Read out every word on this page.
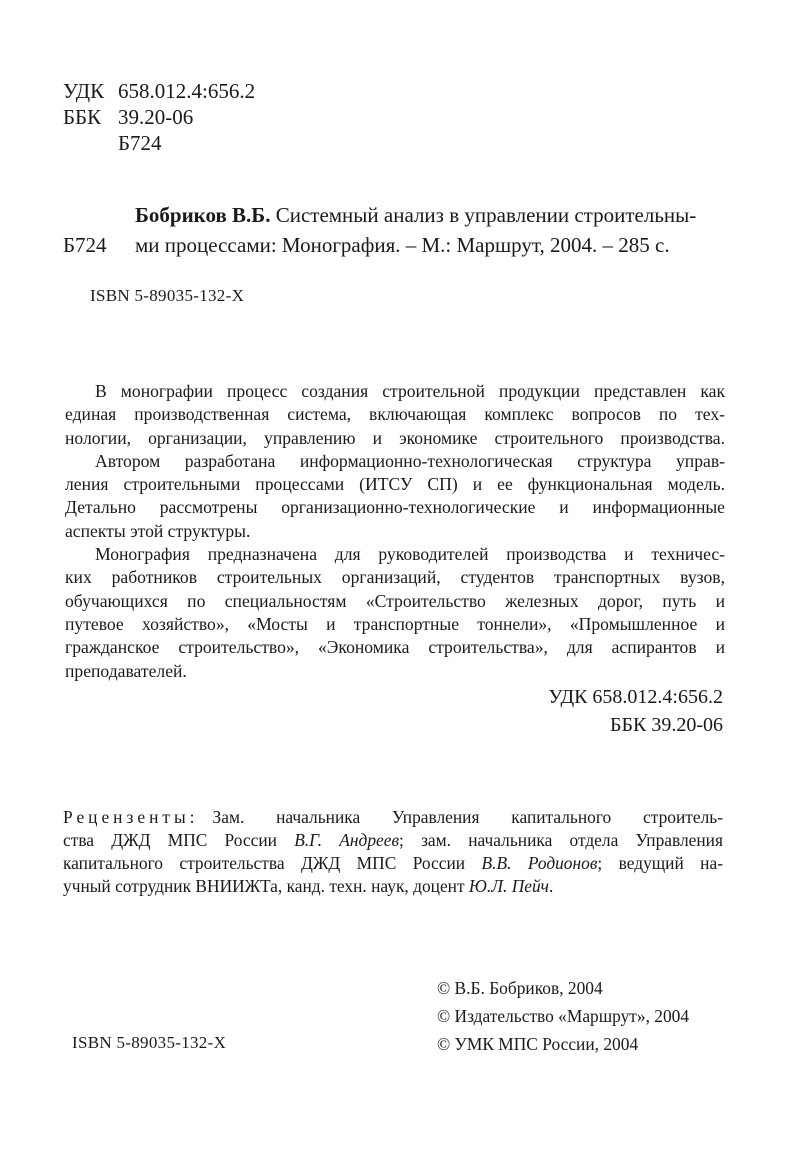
УДК 658.012.4:656.2
ББК 39.20-06
Б724
Бобриков В.Б. Системный анализ в управлении строительны-
Б724 ми процессами: Монография. – М.: Маршрут, 2004. – 285 с.
ISBN 5-89035-132-X

В монографии процесс создания строительной продукции представлен как
единая производственная система, включающая комплекс вопросов по тех-
нологии, организации, управлению и экономике строительного производства.

Автором разработана информационно-технологическая структура управ-
ления строительными процессами (ИТСУ СП) и ее функциональная модель.
Детально рассмотрены организационно-технологические и информационные
аспекты этой структуры.

Монография предназначена для руководителей производства и техничес-
ких работников строительных организаций, студентов транспортных вузов,
обучающихся по специальностям «Строительство железных дорог, путь и
путевое хозяйство», «Мосты и транспортные тоннели», «Промышленное и
гражданское строительство», «Экономика строительства», для аспирантов и
преподавателей.

УДК 658.012.4:656.2
ББК 39.20-06
Рецензенты: Зам. начальника Управления капитального строитель-
ства ДЖД МПС России В.Г. Андреев; зам. начальника отдела Управления
капитального строительства ДЖД МПС России В.В. Родионов; ведущий на-
учный сотрудник ВНИИЖТа, канд. техн. наук, доцент Ю.Л. Пейч.
© В.Б. Бобриков, 2004
© Издательство «Маршрут», 2004
© УМК МПС России, 2004
ISBN 5-89035-132-X
